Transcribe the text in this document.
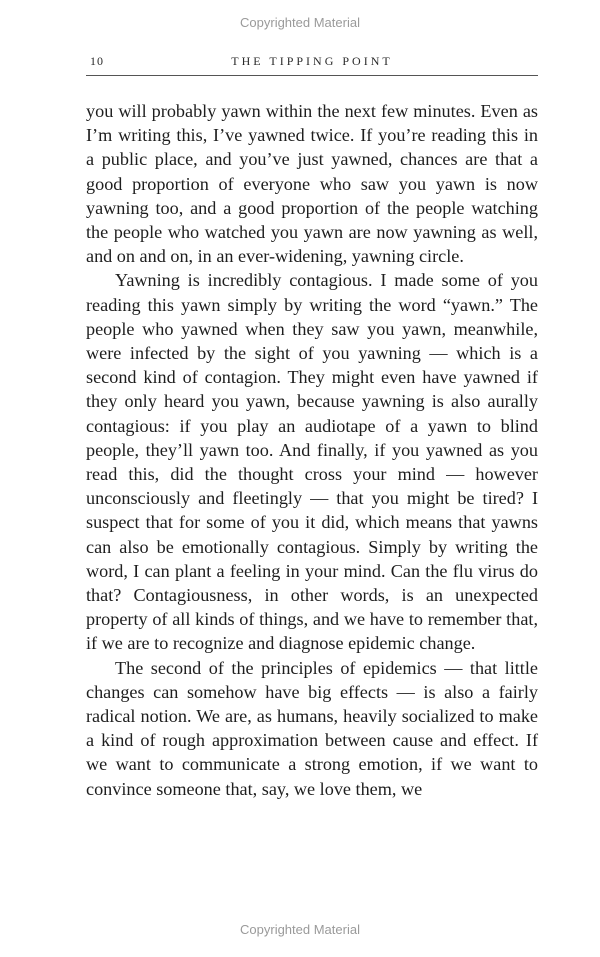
Copyrighted Material
10	THE TIPPING POINT

you will probably yawn within the next few minutes. Even as I’m writing this, I’ve yawned twice. If you’re reading this in a public place, and you’ve just yawned, chances are that a good proportion of everyone who saw you yawn is now yawning too, and a good proportion of the people watching the people who watched you yawn are now yawning as well, and on and on, in an ever-widening, yawning circle.

Yawning is incredibly contagious. I made some of you reading this yawn simply by writing the word “yawn.” The people who yawned when they saw you yawn, meanwhile, were infected by the sight of you yawning — which is a second kind of contagion. They might even have yawned if they only heard you yawn, because yawning is also aurally contagious: if you play an audiotape of a yawn to blind people, they’ll yawn too. And finally, if you yawned as you read this, did the thought cross your mind — however unconsciously and fleetingly — that you might be tired? I suspect that for some of you it did, which means that yawns can also be emotionally contagious. Simply by writing the word, I can plant a feeling in your mind. Can the flu virus do that? Contagiousness, in other words, is an unexpected property of all kinds of things, and we have to remember that, if we are to recognize and diagnose epidemic change.

The second of the principles of epidemics — that little changes can somehow have big effects — is also a fairly radical notion. We are, as humans, heavily socialized to make a kind of rough approximation between cause and effect. If we want to communicate a strong emotion, if we want to convince someone that, say, we love them, we

Copyrighted Material
